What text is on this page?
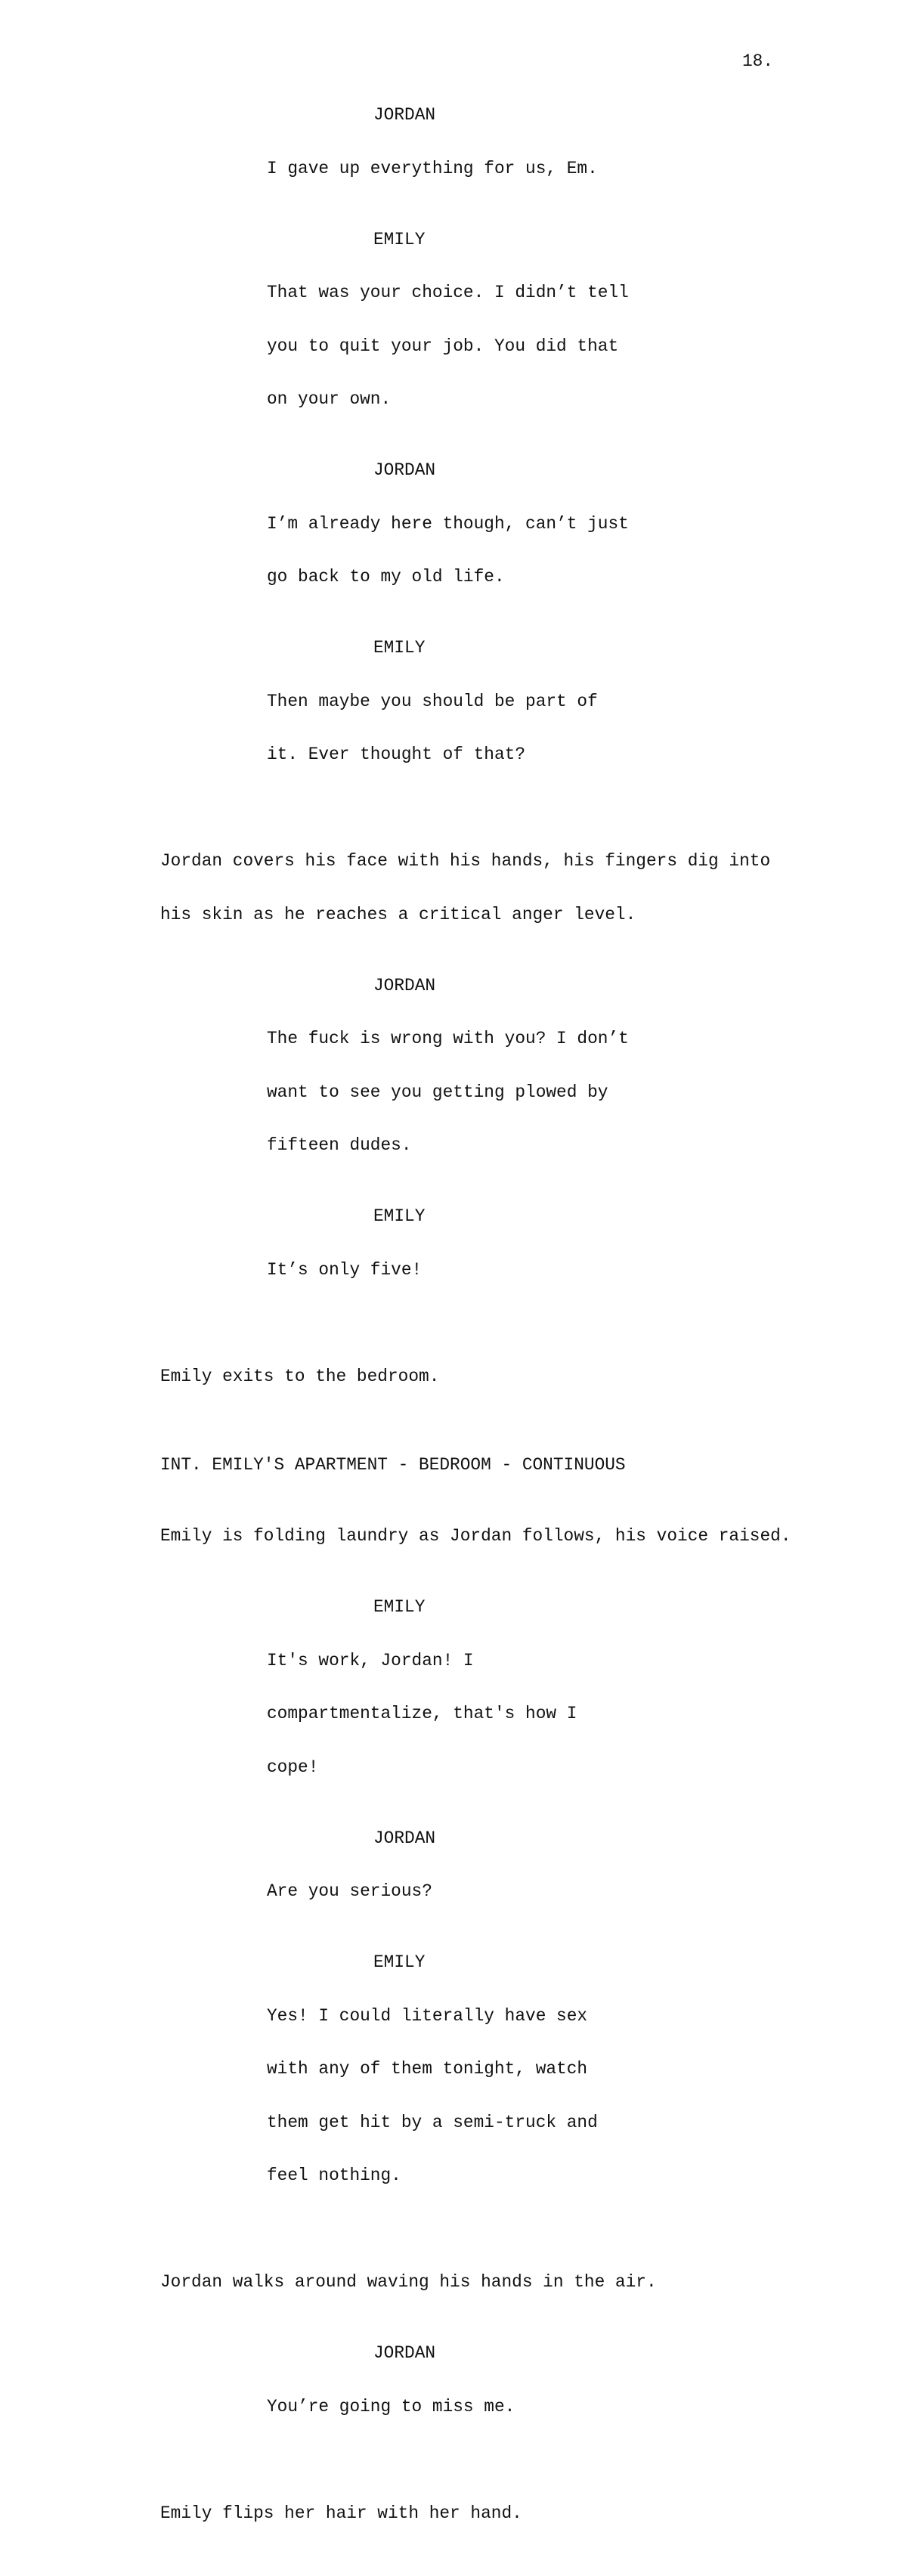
18.
JORDAN

I gave up everything for us, Em.

EMILY

That was your choice. I didn’t tell

you to quit your job. You did that

on your own.

JORDAN

I’m already here though, can’t just

go back to my old life.

EMILY

Then maybe you should be part of

it. Ever thought of that?

Jordan covers his face with his hands, his fingers dig into

his skin as he reaches a critical anger level.

JORDAN

The fuck is wrong with you? I don’t

want to see you getting plowed by

fifteen dudes.

EMILY

It’s only five!

Emily exits to the bedroom.

INT. EMILY'S APARTMENT - BEDROOM - CONTINUOUS

Emily is folding laundry as Jordan follows, his voice raised.

EMILY

It's work, Jordan! I

compartmentalize, that's how I

cope!

JORDAN

Are you serious?

EMILY

Yes! I could literally have sex

with any of them tonight, watch

them get hit by a semi-truck and

feel nothing.

Jordan walks around waving his hands in the air.

JORDAN

You’re going to miss me.

Emily flips her hair with her hand.
